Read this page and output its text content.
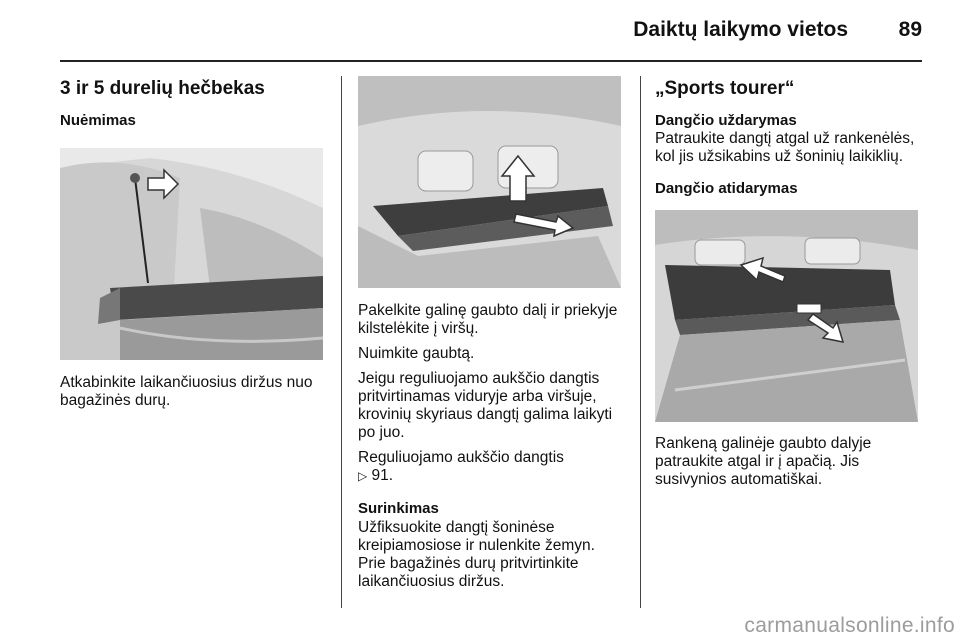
Daiktų laikymo vietos	89
3 ir 5 durelių hečbekas
Nuėmimas
Atkabinkite laikančiuosius diržus nuo
bagažinės durų.
Pakelkite galinę gaubto dalį ir priekyje
kilstelėkite į viršų.
Nuimkite gaubtą.
Jeigu reguliuojamo aukščio dangtis
pritvirtinamas viduryje arba viršuje,
krovinių skyriaus dangtį galima laikyti
po juo.
Reguliuojamo aukščio dangtis
▷ 91.
Surinkimas
Užfiksuokite dangtį šoninėse
kreipiamosiose ir nulenkite žemyn.
Prie bagažinės durų pritvirtinkite
laikančiuosius diržus.
„Sports tourer“
Dangčio uždarymas
Patraukite dangtį atgal už rankenėlės,
kol jis užsikabins už šoninių laikiklių.
Dangčio atidarymas
Rankeną galinėje gaubto dalyje
patraukite atgal ir į apačią. Jis
susivynios automatiškai.
carmanualsonline.info
